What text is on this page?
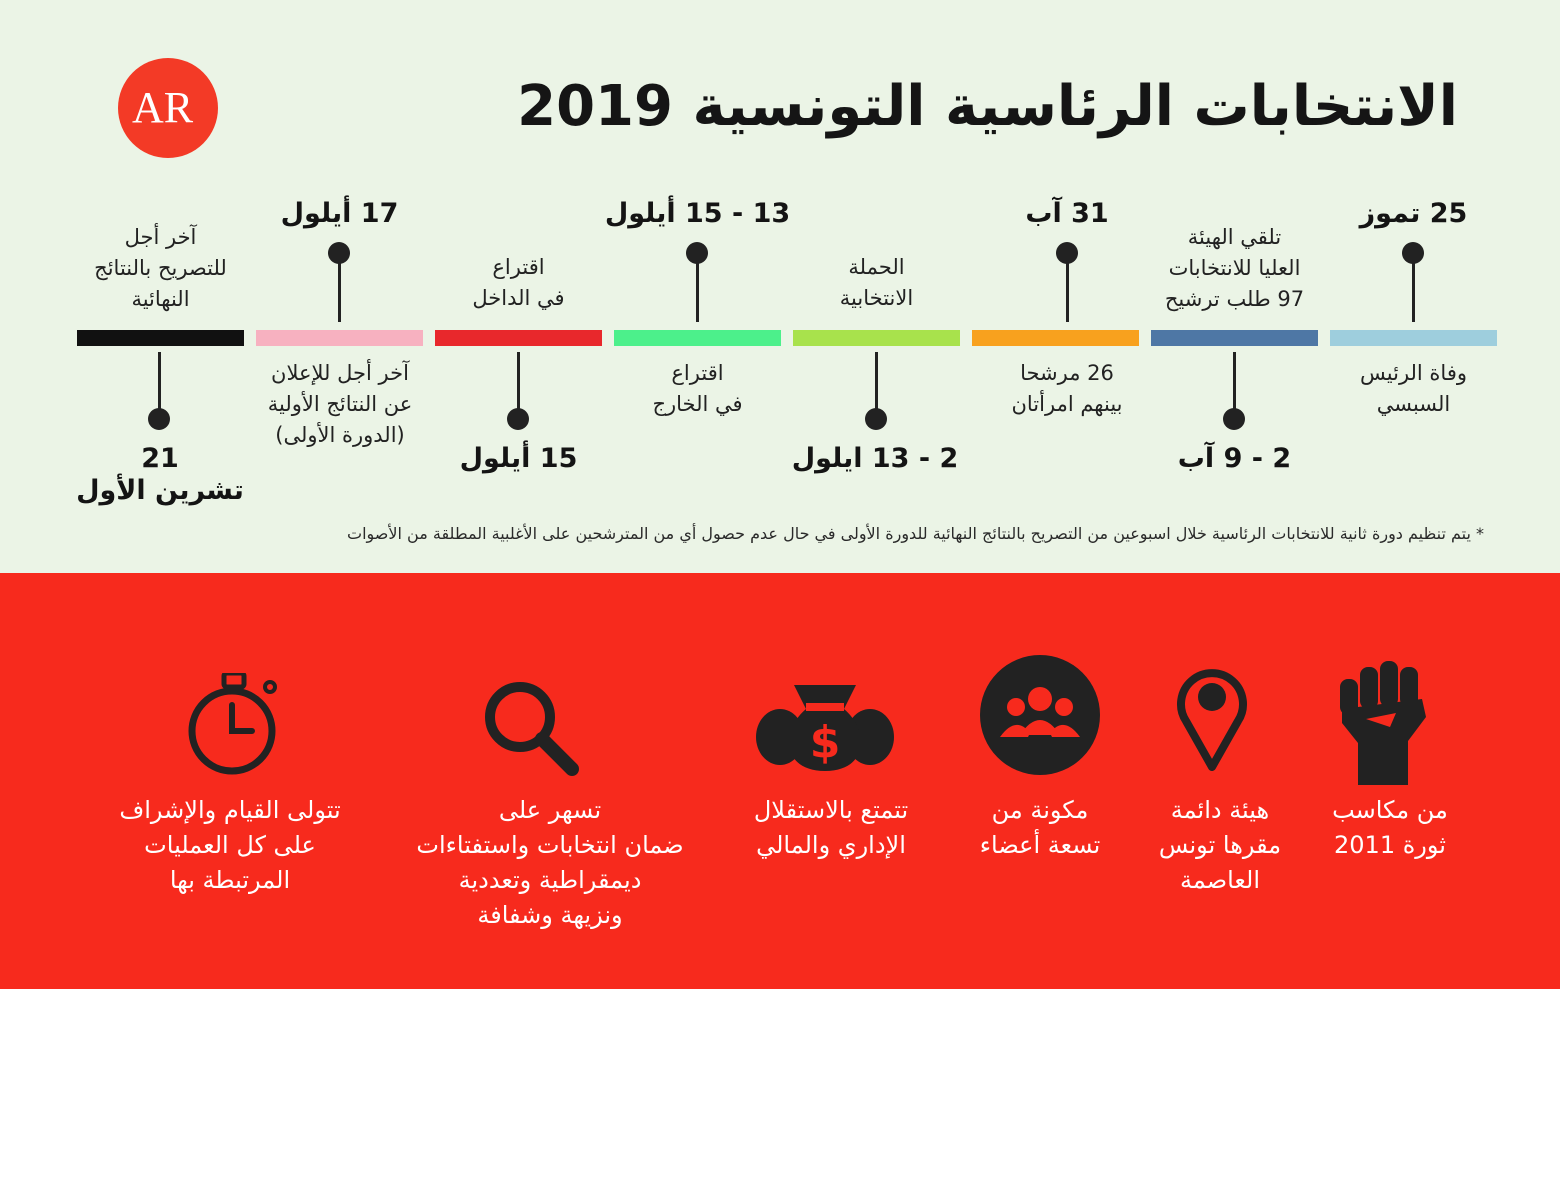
الانتخابات الرئاسية التونسية 2019
AR
25 تموز
وفاة الرئيس
السبسي
تلقي الهيئة
العليا للانتخابات
97 طلب ترشيح
2 - 9 آب
31 آب
26 مرشحا
بينهم امرأتان
الحملة
الانتخابية
2 - 13 ايلول
13 - 15 أيلول
اقتراع
في الخارج
اقتراع
في الداخل
15 أيلول
17 أيلول
آخر أجل للإعلان
عن النتائج الأولية
(الدورة الأولى)
آخر أجل
للتصريح بالنتائج
النهائية
21
تشرين الأول
* يتم تنظيم دورة ثانية للانتخابات الرئاسية خلال اسبوعين من التصريح بالنتائج النهائية للدورة الأولى في حال عدم حصول أي من المترشحين على الأغلبية المطلقة من الأصوات
الهيئة العليا المستقلة للانتخابات:
$
من مكاسب
ثورة 2011
هيئة دائمة
مقرها تونس
العاصمة
مكونة من
تسعة أعضاء
تتمتع بالاستقلال
الإداري والمالي
تسهر على
ضمان انتخابات واستفتاءات
ديمقراطية وتعددية
ونزيهة وشفافة
تتولى القيام والإشراف
على كل العمليات
المرتبطة بها
